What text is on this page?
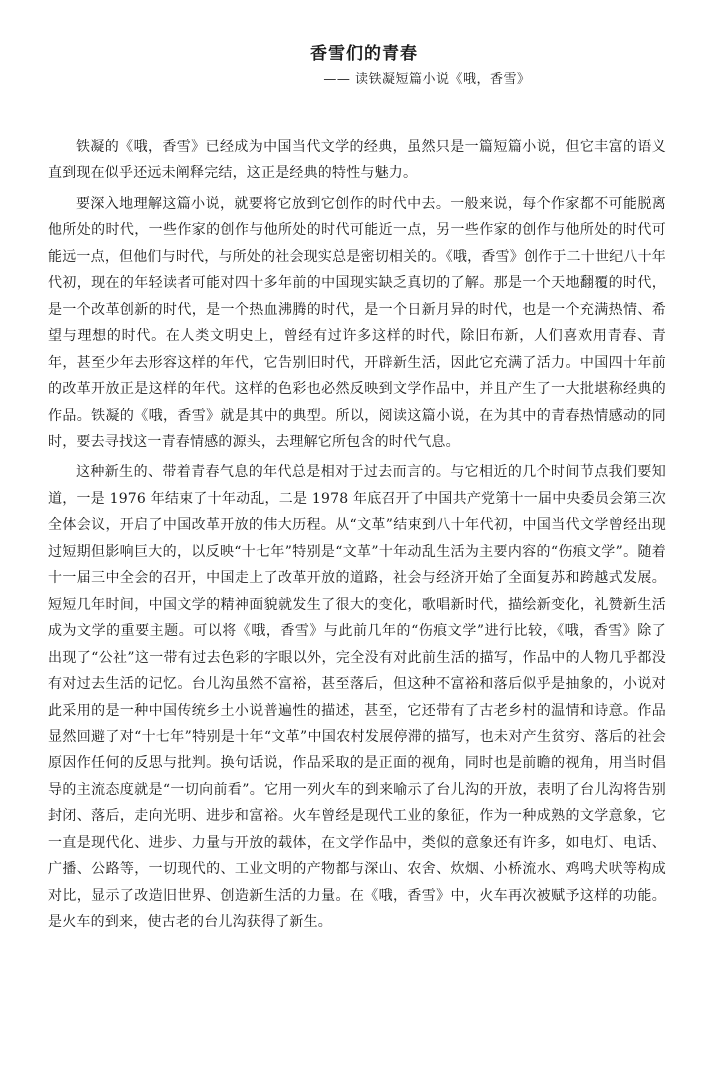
香雪们的青春
—— 读铁凝短篇小说《哦，香雪》

铁凝的《哦，香雪》已经成为中国当代文学的经典，虽然只是一篇短篇小说，但它丰富的语义直到现在似乎还远未阐释完结，这正是经典的特性与魅力。

要深入地理解这篇小说，就要将它放到它创作的时代中去。一般来说，每个作家都不可能脱离他所处的时代，一些作家的创作与他所处的时代可能近一点，另一些作家的创作与他所处的时代可能远一点，但他们与时代，与所处的社会现实总是密切相关的。《哦，香雪》创作于二十世纪八十年代初，现在的年轻读者可能对四十多年前的中国现实缺乏真切的了解。那是一个天地翻覆的时代，是一个改革创新的时代，是一个热血沸腾的时代，是一个日新月异的时代，也是一个充满热情、希望与理想的时代。在人类文明史上，曾经有过许多这样的时代，除旧布新，人们喜欢用青春、青年，甚至少年去形容这样的年代，它告别旧时代，开辟新生活，因此它充满了活力。中国四十年前的改革开放正是这样的年代。这样的色彩也必然反映到文学作品中，并且产生了一大批堪称经典的作品。铁凝的《哦，香雪》就是其中的典型。所以，阅读这篇小说，在为其中的青春热情感动的同时，要去寻找这一青春情感的源头，去理解它所包含的时代气息。

这种新生的、带着青春气息的年代总是相对于过去而言的。与它相近的几个时间节点我们要知道，一是 1976 年结束了十年动乱，二是 1978 年底召开了中国共产党第十一届中央委员会第三次全体会议，开启了中国改革开放的伟大历程。从“文革”结束到八十年代初，中国当代文学曾经出现过短期但影响巨大的，以反映“十七年”特别是“文革”十年动乱生活为主要内容的“伤痕文学”。随着十一届三中全会的召开，中国走上了改革开放的道路，社会与经济开始了全面复苏和跨越式发展。短短几年时间，中国文学的精神面貌就发生了很大的变化，歌唱新时代，描绘新变化，礼赞新生活成为文学的重要主题。可以将《哦，香雪》与此前几年的“伤痕文学”进行比较，《哦，香雪》除了出现了“公社”这一带有过去色彩的字眼以外，完全没有对此前生活的描写，作品中的人物几乎都没有对过去生活的记忆。台儿沟虽然不富裕，甚至落后，但这种不富裕和落后似乎是抽象的，小说对此采用的是一种中国传统乡土小说普遍性的描述，甚至，它还带有了古老乡村的温情和诗意。作品显然回避了对“十七年”特别是十年“文革”中国农村发展停滞的描写，也未对产生贫穷、落后的社会原因作任何的反思与批判。换句话说，作品采取的是正面的视角，同时也是前瞻的视角，用当时倡导的主流态度就是“一切向前看”。它用一列火车的到来喻示了台儿沟的开放，表明了台儿沟将告别封闭、落后，走向光明、进步和富裕。火车曾经是现代工业的象征，作为一种成熟的文学意象，它一直是现代化、进步、力量与开放的载体，在文学作品中，类似的意象还有许多，如电灯、电话、广播、公路等，一切现代的、工业文明的产物都与深山、农舍、炊烟、小桥流水、鸡鸣犬吠等构成对比，显示了改造旧世界、创造新生活的力量。在《哦，香雪》中，火车再次被赋予这样的功能。是火车的到来，使古老的台儿沟获得了新生。
